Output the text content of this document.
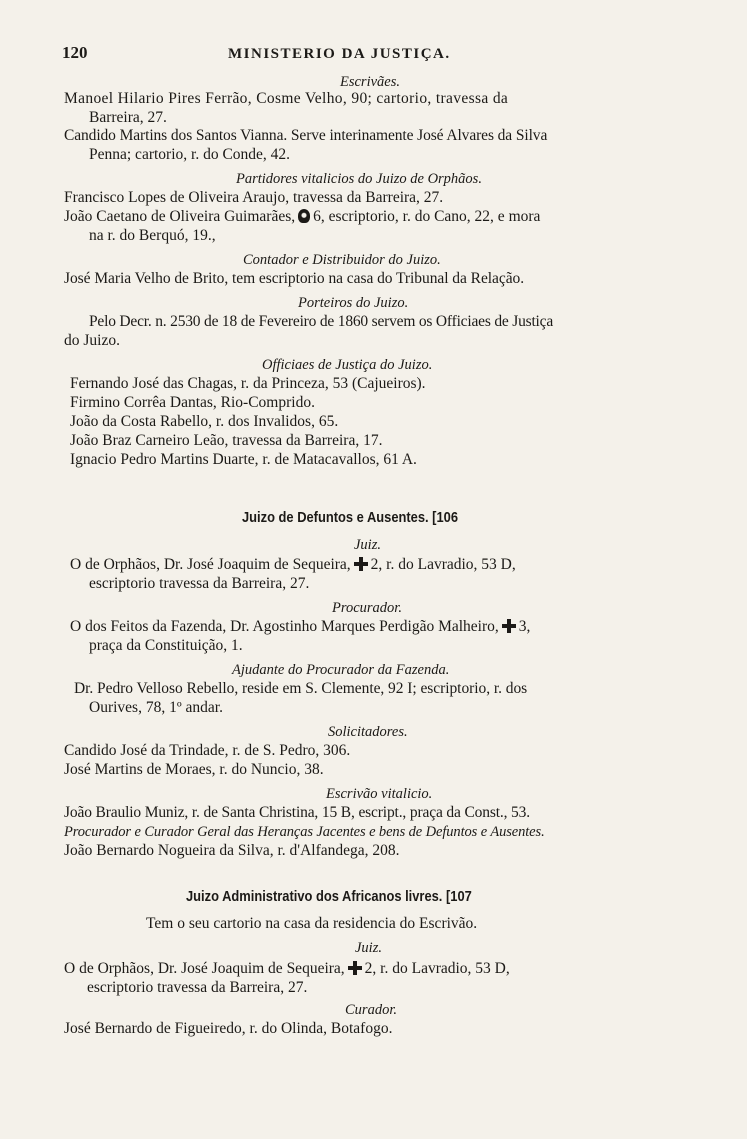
120	MINISTERIO DA JUSTIÇA.
Escrivães.
Manoel Hilario Pires Ferrão, Cosme Velho, 90; cartorio, travessa da
Barreira, 27.
Candido Martins dos Santos Vianna. Serve interinamente José Alvares da Silva
Penna; cartorio, r. do Conde, 42.
Partidores vitalicios do Juizo de Orphãos.
Francisco Lopes de Oliveira Araujo, travessa da Barreira, 27.
João Caetano de Oliveira Guimarães, 6, escriptorio, r. do Cano, 22, e mora
na r. do Berquó, 19.,
Contador e Distribuidor do Juizo.
José Maria Velho de Brito, tem escriptorio na casa do Tribunal da Relação.
Porteiros do Juizo.
Pelo Decr. n. 2530 de 18 de Fevereiro de 1860 servem os Officiaes de Justiça
do Juizo.
Officiaes de Justiça do Juizo.
Fernando José das Chagas, r. da Princeza, 53 (Cajueiros).
Firmino Corrêa Dantas, Rio-Comprido.
João da Costa Rabello, r. dos Invalidos, 65.
João Braz Carneiro Leão, travessa da Barreira, 17.
Ignacio Pedro Martins Duarte, r. de Matacavallos, 61 A.
Juizo de Defuntos e Ausentes. [106
Juiz.
O de Orphãos, Dr. José Joaquim de Sequeira, 2, r. do Lavradio, 53 D,
escriptorio travessa da Barreira, 27.
Procurador.
O dos Feitos da Fazenda, Dr. Agostinho Marques Perdigão Malheiro, 3,
praça da Constituição, 1.
Ajudante do Procurador da Fazenda.
Dr. Pedro Velloso Rebello, reside em S. Clemente, 92 I; escriptorio, r. dos
Ourives, 78, 1º andar.
Solicitadores.
Candido José da Trindade, r. de S. Pedro, 306.
José Martins de Moraes, r. do Nuncio, 38.
Escrivão vitalicio.
João Braulio Muniz, r. de Santa Christina, 15 B, escript., praça da Const., 53.
Procurador e Curador Geral das Heranças Jacentes e bens de Defuntos e Ausentes.
João Bernardo Nogueira da Silva, r. d'Alfandega, 208.
Juizo Administrativo dos Africanos livres. [107
Tem o seu cartorio na casa da residencia do Escrivão.
Juiz.
O de Orphãos, Dr. José Joaquim de Sequeira, 2, r. do Lavradio, 53 D,
escriptorio travessa da Barreira, 27.
Curador.
José Bernardo de Figueiredo, r. do Olinda, Botafogo.
